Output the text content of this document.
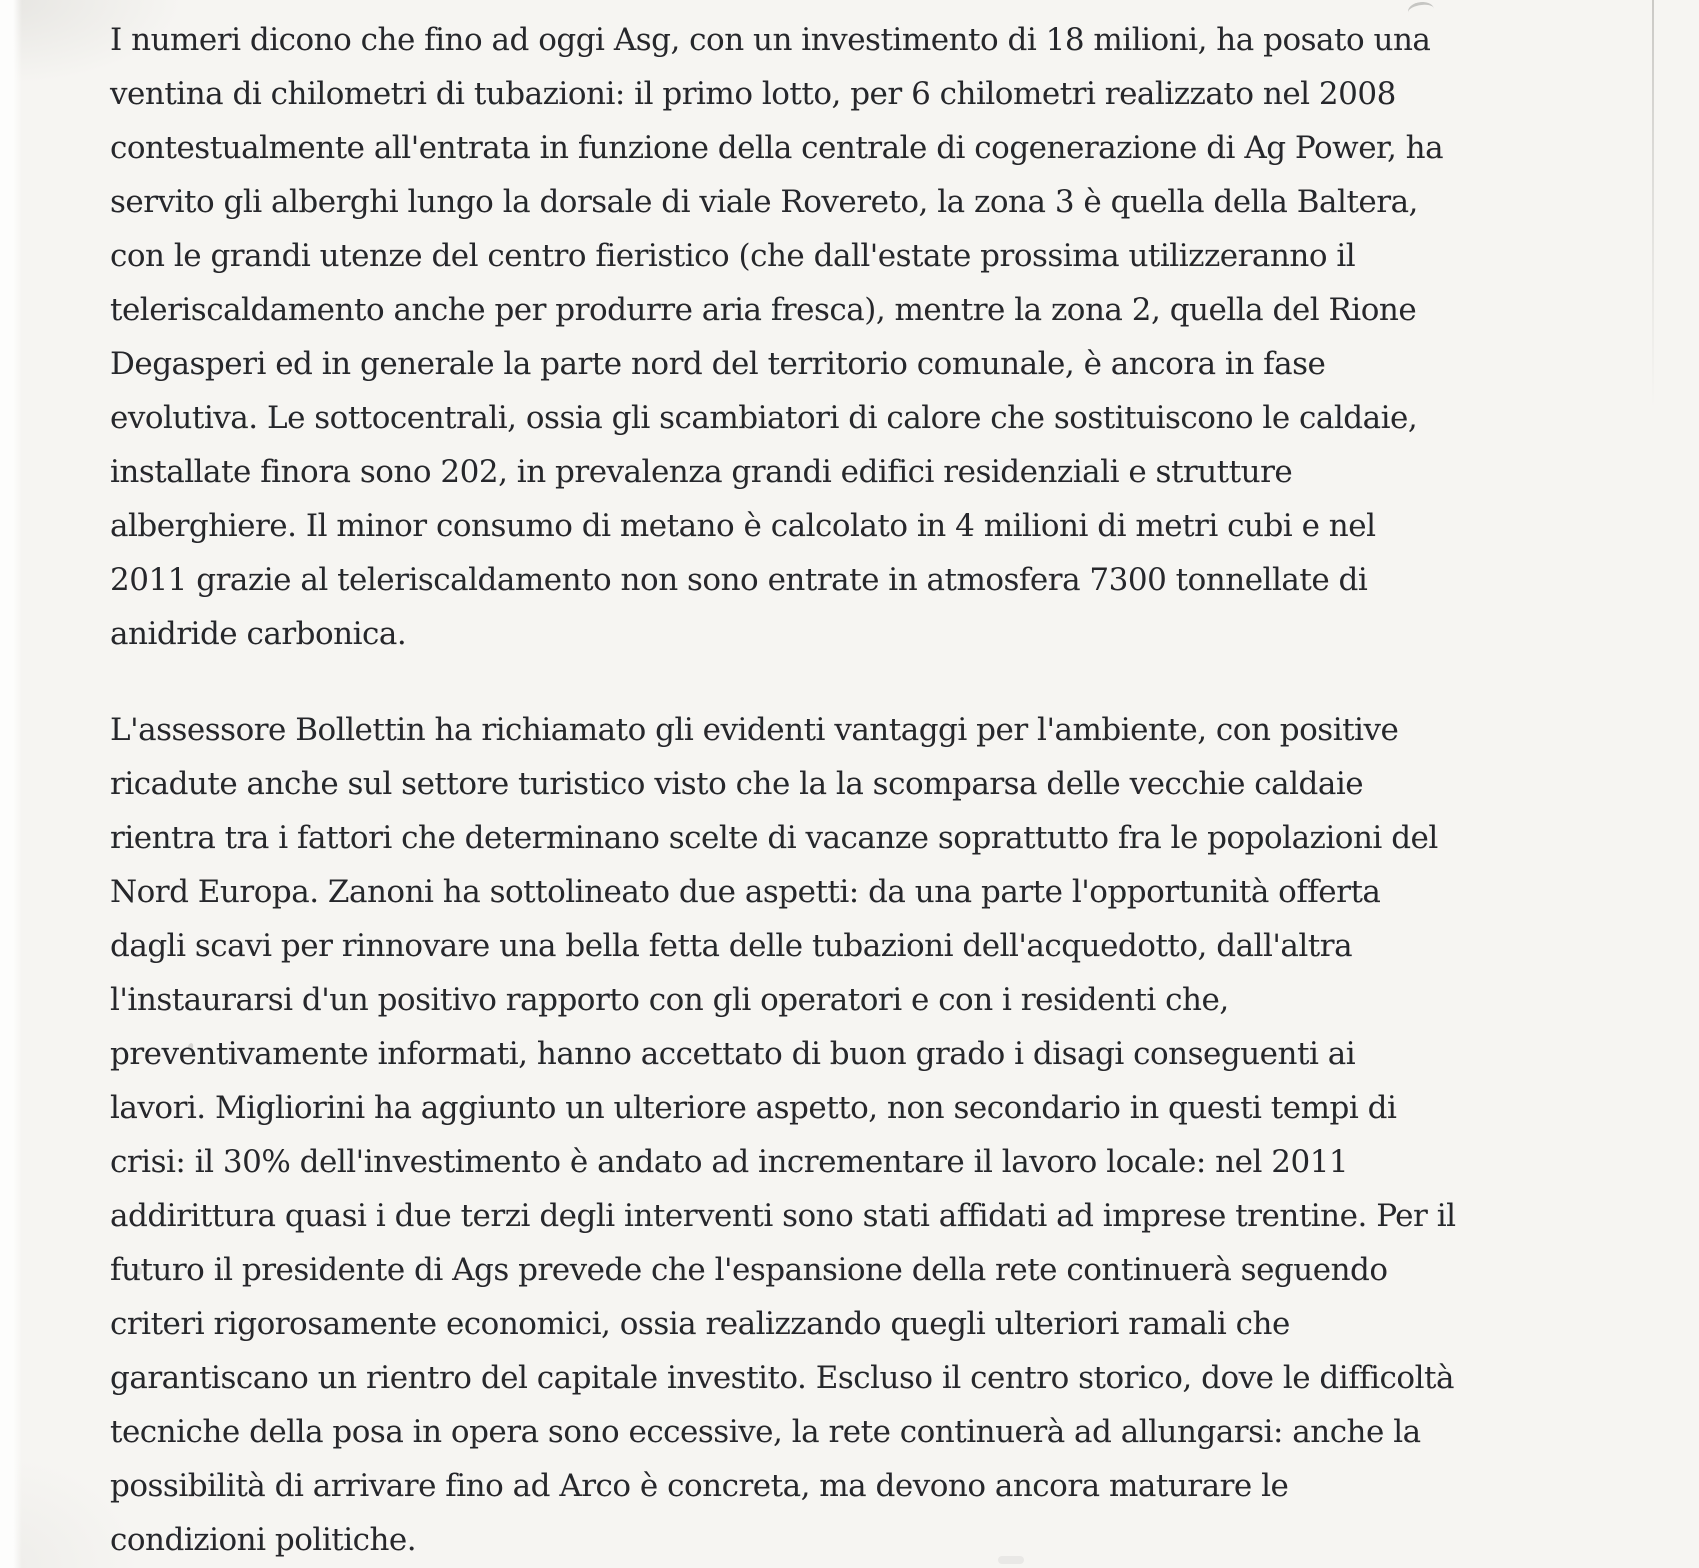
I numeri dicono che fino ad oggi Asg, con un investimento di 18 milioni, ha posato una
ventina di chilometri di tubazioni: il primo lotto, per 6 chilometri realizzato nel 2008
contestualmente all'entrata in funzione della centrale di cogenerazione di Ag Power, ha
servito gli alberghi lungo la dorsale di viale Rovereto, la zona 3 è quella della Baltera,
con le grandi utenze del centro fieristico (che dall'estate prossima utilizzeranno il
teleriscaldamento anche per produrre aria fresca), mentre la zona 2, quella del Rione
Degasperi ed in generale la parte nord del territorio comunale, è ancora in fase
evolutiva. Le sottocentrali, ossia gli scambiatori di calore che sostituiscono le caldaie,
installate finora sono 202, in prevalenza grandi edifici residenziali e strutture
alberghiere. Il minor consumo di metano è calcolato in 4 milioni di metri cubi e nel
2011 grazie al teleriscaldamento non sono entrate in atmosfera 7300 tonnellate di
anidride carbonica.
L'assessore Bollettin ha richiamato gli evidenti vantaggi per l'ambiente, con positive
ricadute anche sul settore turistico visto che la la scomparsa delle vecchie caldaie
rientra tra i fattori che determinano scelte di vacanze soprattutto fra le popolazioni del
Nord Europa. Zanoni ha sottolineato due aspetti: da una parte l'opportunità offerta
dagli scavi per rinnovare una bella fetta delle tubazioni dell'acquedotto, dall'altra
l'instaurarsi d'un positivo rapporto con gli operatori e con i residenti che,
preventivamente informati, hanno accettato di buon grado i disagi conseguenti ai
lavori. Migliorini ha aggiunto un ulteriore aspetto, non secondario in questi tempi di
crisi: il 30% dell'investimento è andato ad incrementare il lavoro locale: nel 2011
addirittura quasi i due terzi degli interventi sono stati affidati ad imprese trentine. Per il
futuro il presidente di Ags prevede che l'espansione della rete continuerà seguendo
criteri rigorosamente economici, ossia realizzando quegli ulteriori ramali che
garantiscano un rientro del capitale investito. Escluso il centro storico, dove le difficoltà
tecniche della posa in opera sono eccessive, la rete continuerà ad allungarsi: anche la
possibilità di arrivare fino ad Arco è concreta, ma devono ancora maturare le
condizioni politiche.
